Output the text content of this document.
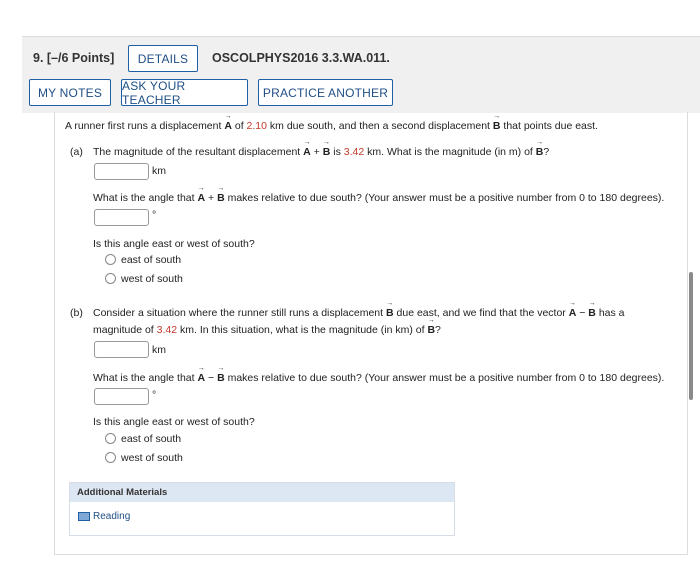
9. [–/6 Points]	DETAILS	OSCOLPHYS2016 3.3.WA.011.
MY NOTES	ASK YOUR TEACHER	PRACTICE ANOTHER
A runner first runs a displacement → A of 2.10 km due south, and then a second displacement → B that points due east.
(a) The magnitude of the resultant displacement → A + → B is 3.42 km. What is the magnitude (in m) of → B?
km
What is the angle that → A + → B makes relative to due south? (Your answer must be a positive number from 0 to 180 degrees).
°
Is this angle east or west of south?
east of south
west of south
(b) Consider a situation where the runner still runs a displacement → B due east, and we find that the vector → A − → B has a
magnitude of 3.42 km. In this situation, what is the magnitude (in km) of → B?
km
What is the angle that → A − → B makes relative to due south? (Your answer must be a positive number from 0 to 180 degrees).
°
Is this angle east or west of south?
east of south
west of south
Additional Materials
Reading
